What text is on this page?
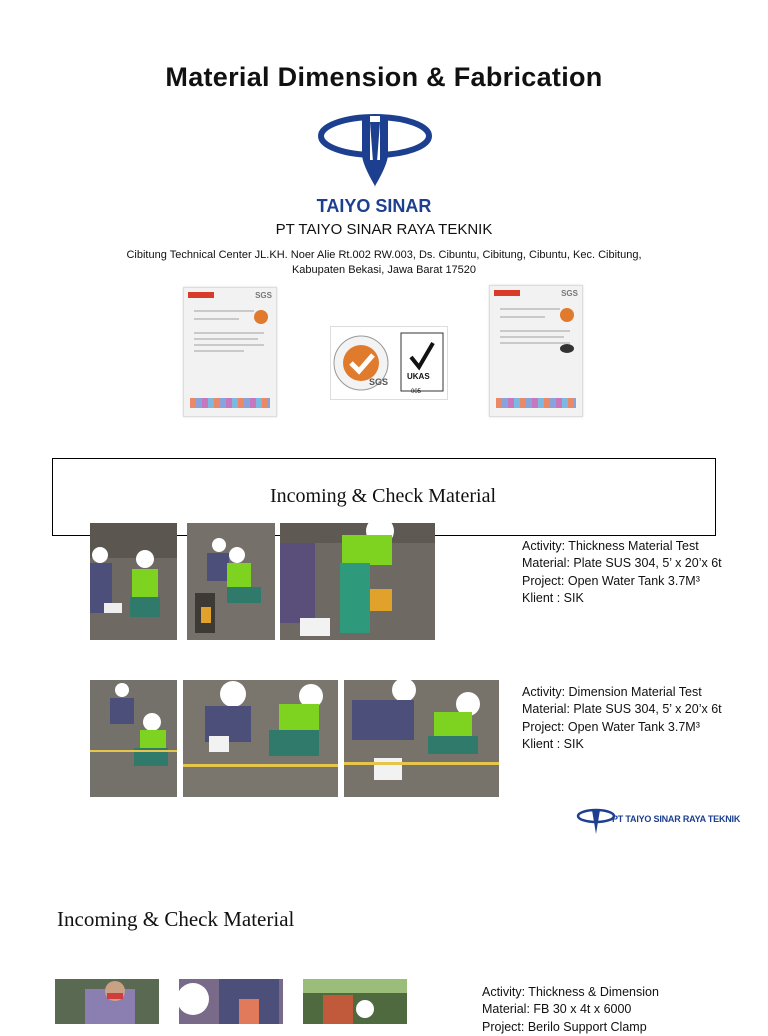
Material Dimension & Fabrication
TAIYO SINAR
PT TAIYO SINAR RAYA TEKNIK
Cibitung Technical Center JL.KH. Noer Alie Rt.002 RW.003, Ds. Cibuntu, Cibitung, Cibuntu, Kec. Cibitung, Kabupaten Bekasi, Jawa Barat 17520
SGS
SGS
UKAS
005
SGS
Incoming & Check Material
Activity: Thickness Material Test
Material: Plate SUS 304, 5’ x 20’x 6t
Project: Open Water Tank 3.7M³
Klient : SIK
Activity: Dimension Material Test
Material: Plate SUS 304, 5’ x 20’x 6t
Project: Open Water Tank 3.7M³
Klient : SIK
PT TAIYO SINAR RAYA TEKNIK
Incoming & Check Material
Activity: Thickness & Dimension
Material: FB 30 x 4t x 6000
Project: Berilo Support Clamp
